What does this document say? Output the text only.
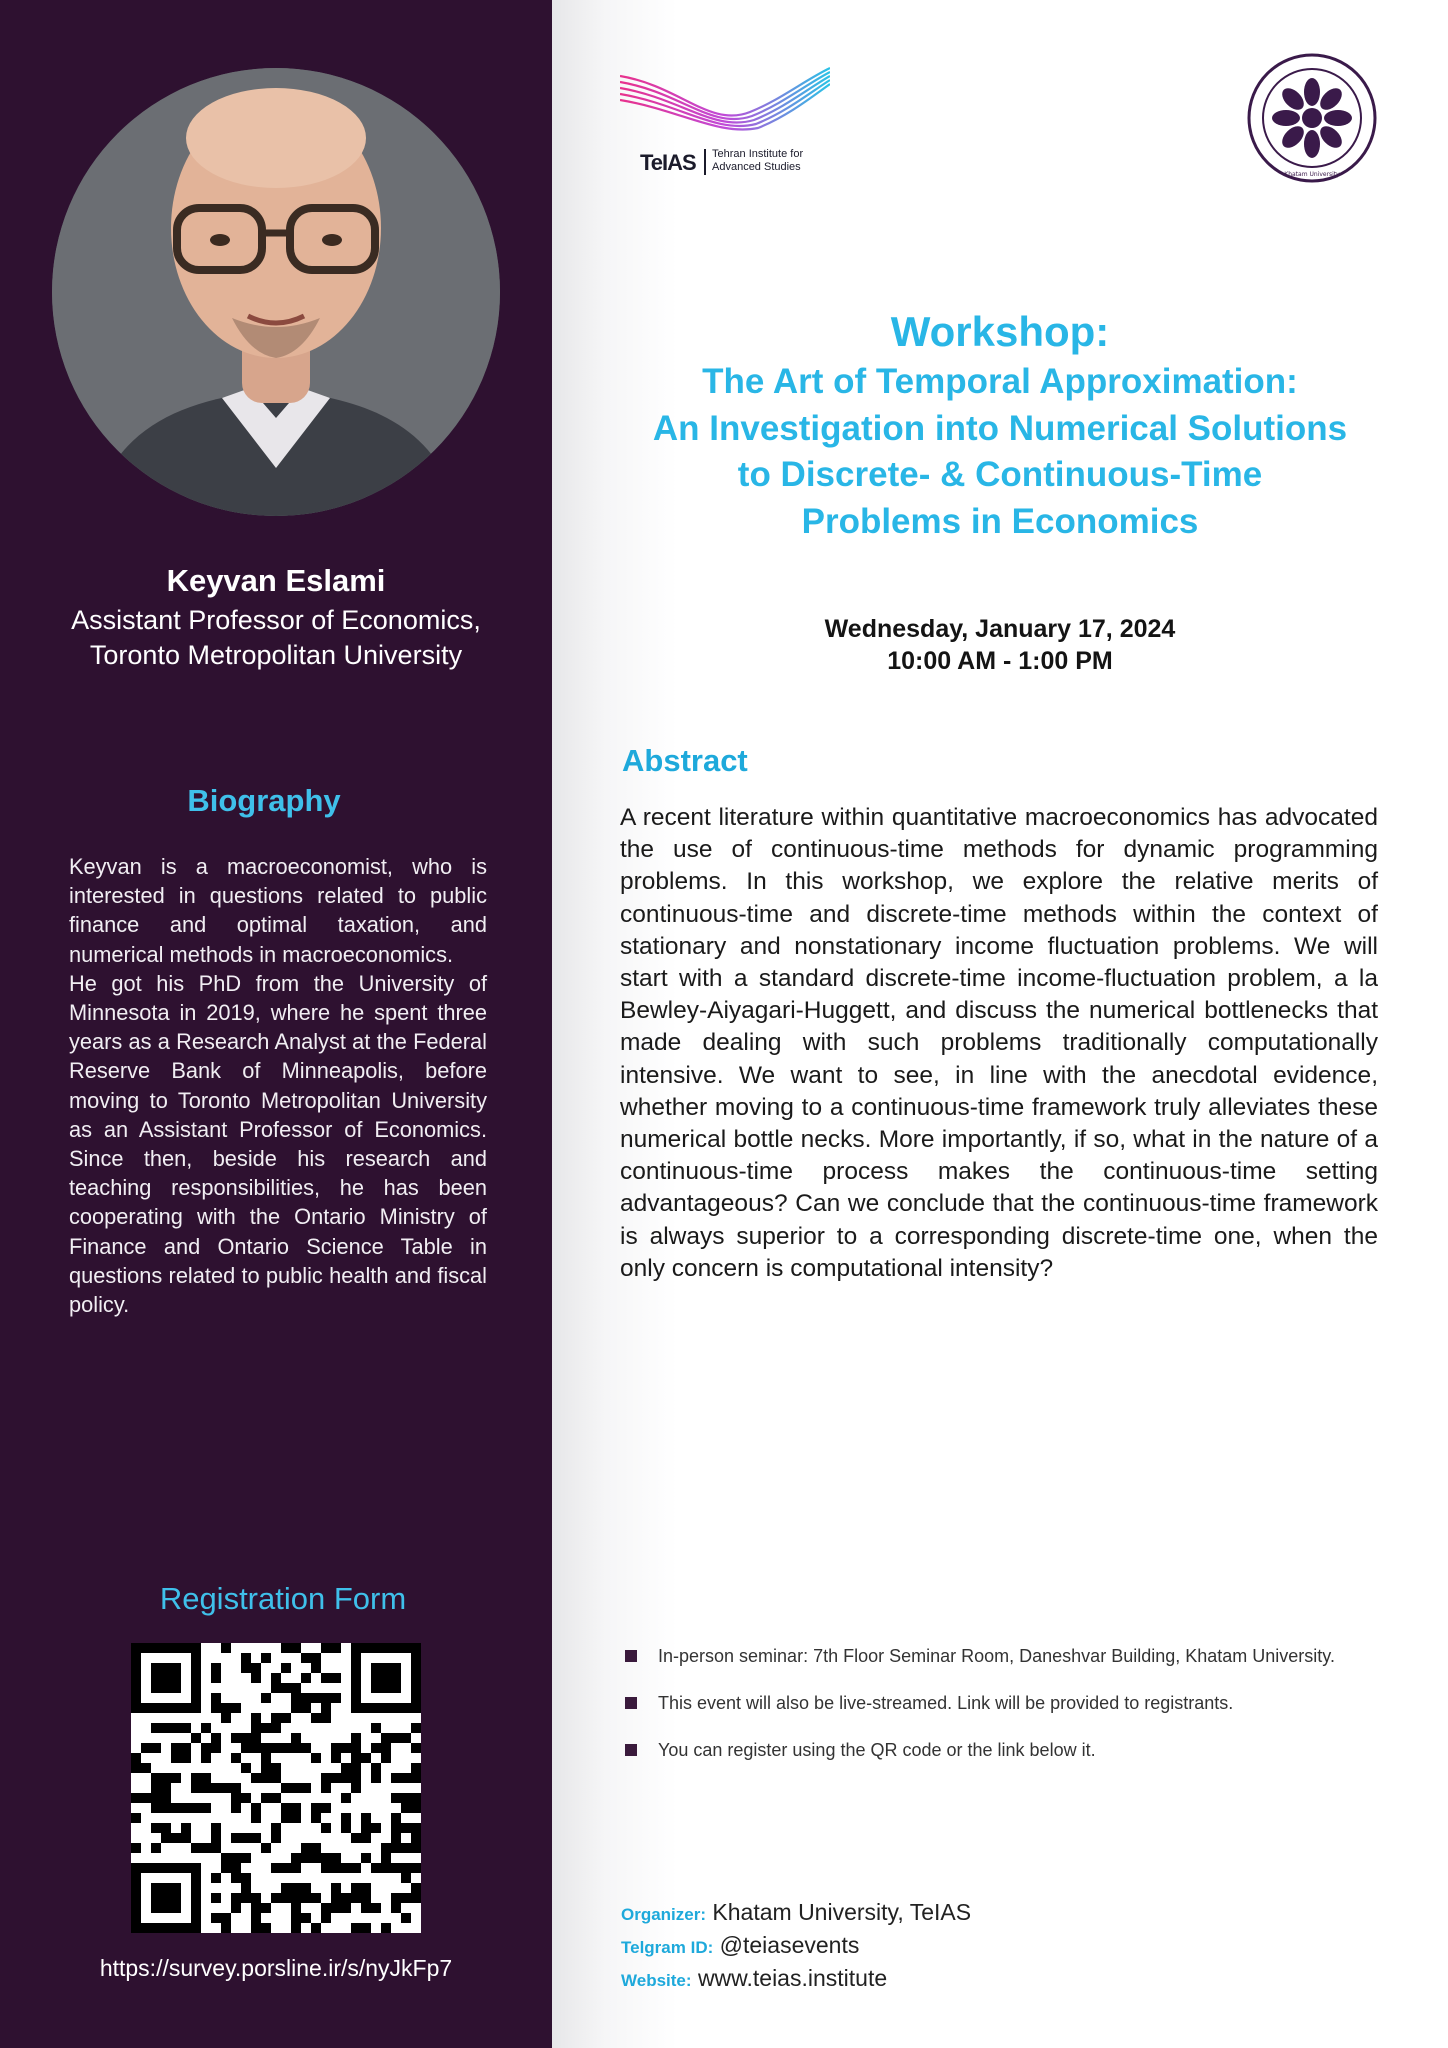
Keyvan Eslami
Assistant Professor of Economics,
Toronto Metropolitan University
Biography

Keyvan is a macroeconomist, who is interested in questions related to public finance and optimal taxation, and numerical methods in macroeconomics.

He got his PhD from the University of Minnesota in 2019, where he spent three years as a Research Analyst at the Federal Reserve Bank of Minneapolis, before moving to Toronto Metropolitan University as an Assistant Professor of Economics. Since then, beside his research and teaching responsibilities, he has been cooperating with the Ontario Ministry of Finance and Ontario Science Table in questions related to public health and fiscal policy.

Registration Form
https://survey.porsline.ir/s/nyJkFp7
TeIAS Tehran Institute for
Advanced Studies
Khatam University
Workshop:
The Art of Temporal Approximation:
An Investigation into Numerical Solutions
to Discrete- & Continuous-Time
Problems in Economics
Wednesday, January 17, 2024
10:00 AM - 1:00 PM
Abstract
A recent literature within quantitative macroeconomics has advocated the use of continuous-time methods for dynamic programming problems. In this workshop, we explore the relative merits of continuous-time and discrete-time methods within the context of stationary and nonstationary income fluctuation problems. We will start with a standard discrete-time income-fluctuation problem, a la Bewley-Aiyagari-Huggett, and discuss the numerical bottlenecks that made dealing with such problems traditionally computationally intensive. We want to see, in line with the anecdotal evidence, whether moving to a continuous-time framework truly alleviates these numerical bottle necks. More importantly, if so, what in the nature of a continuous-time process makes the continuous-time setting advantageous? Can we conclude that the continuous-time framework is always superior to a corresponding discrete-time one, when the only concern is computational intensity?
In-person seminar: 7th Floor Seminar Room, Daneshvar Building, Khatam University.
This event will also be live-streamed. Link will be provided to registrants.
You can register using the QR code or the link below it.
Organizer: Khatam University, TeIAS
Telgram ID: @teiasevents
Website: www.teias.institute
